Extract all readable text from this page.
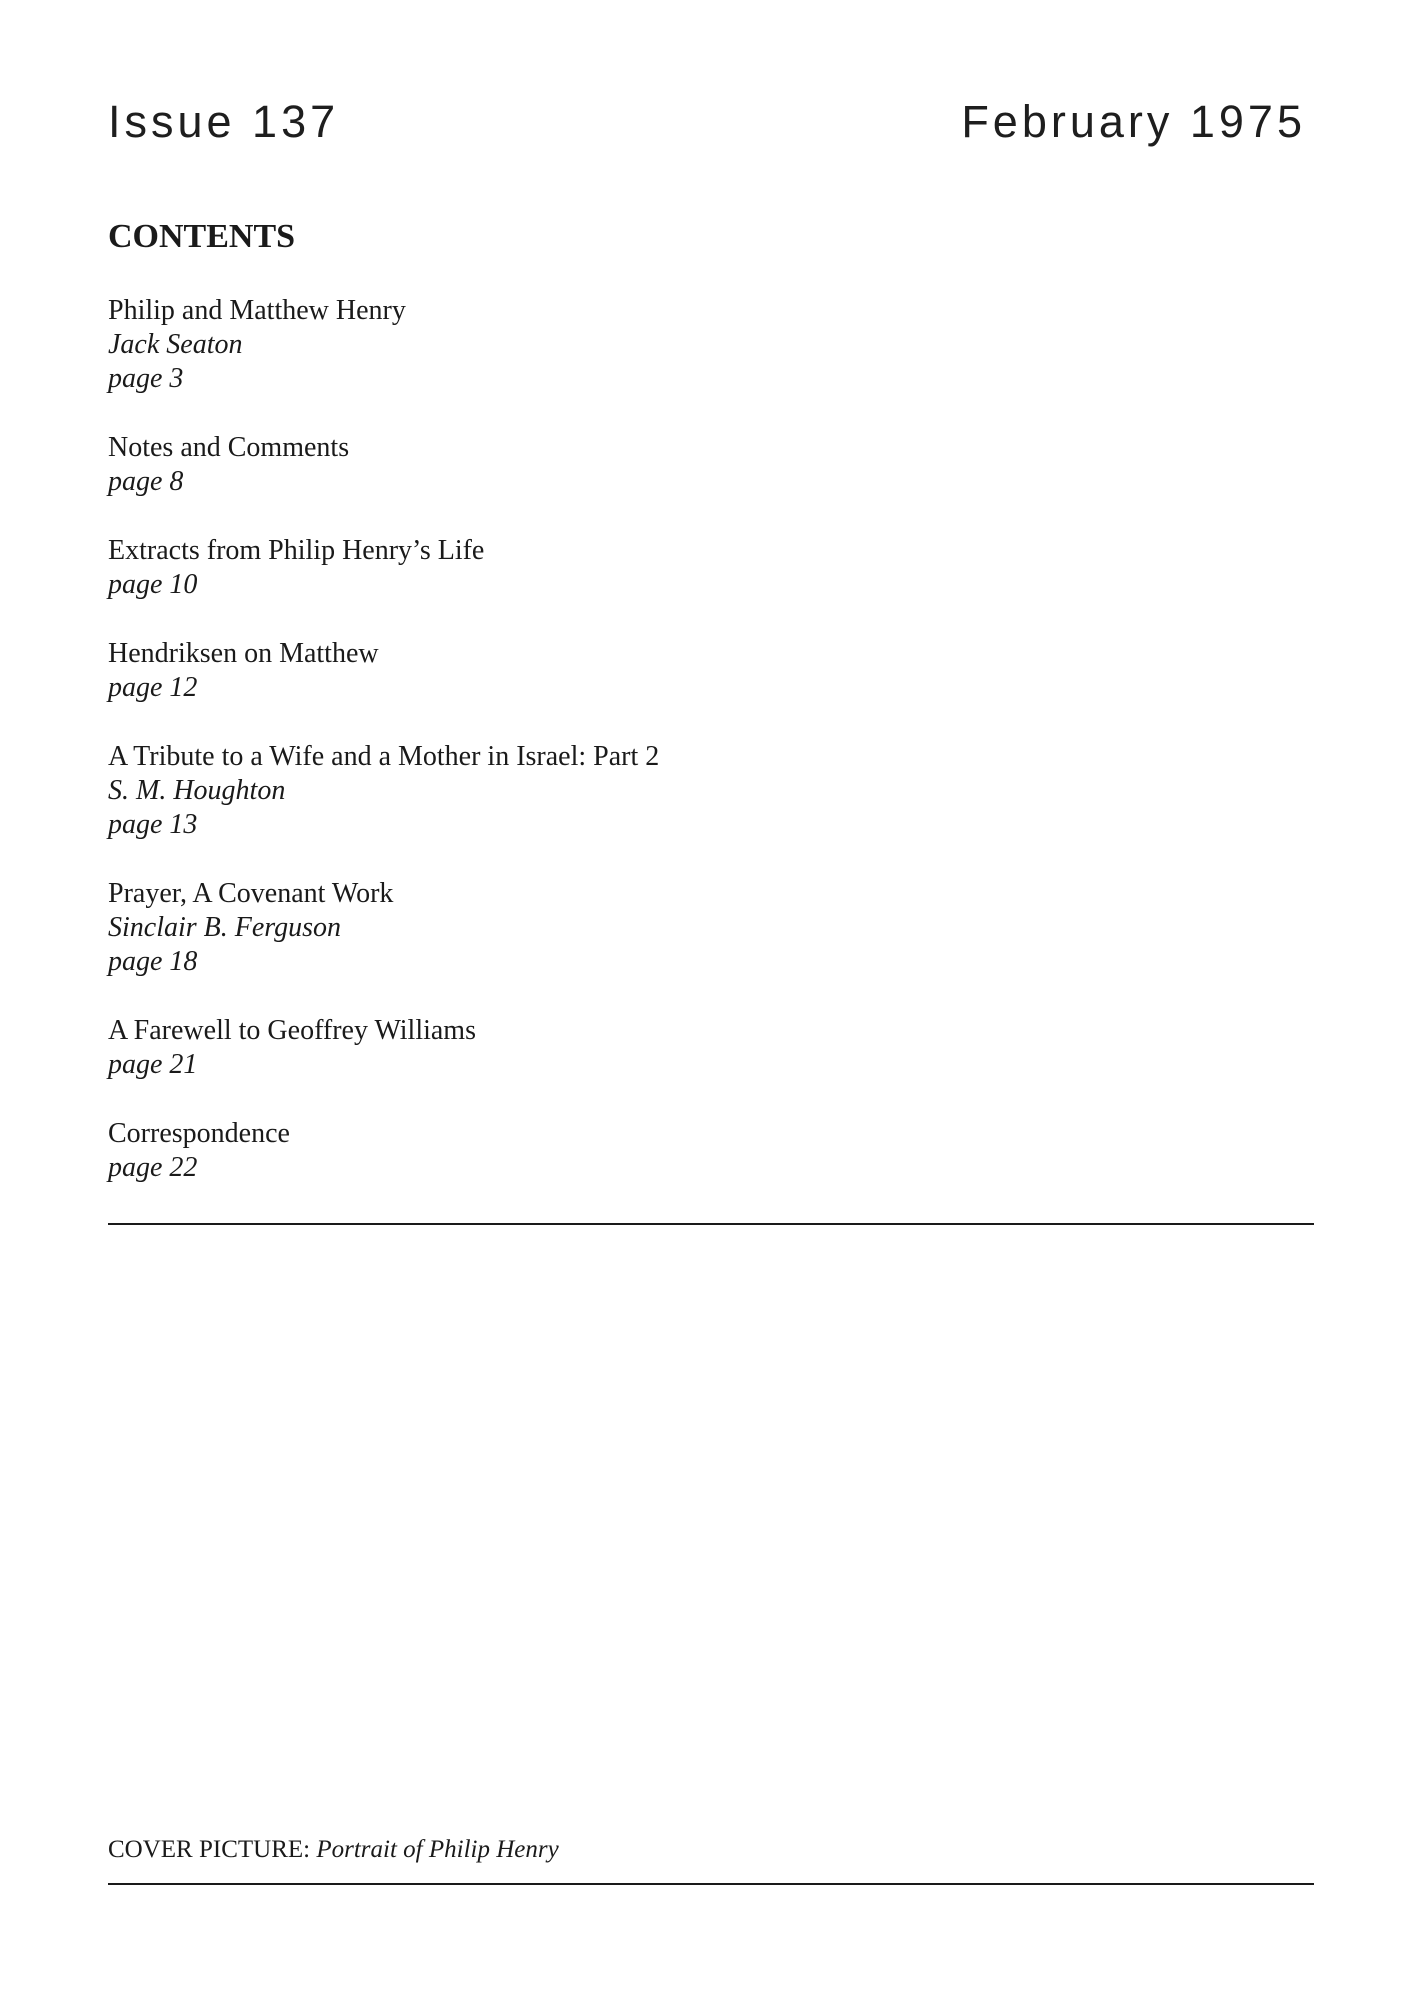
Issue 137	February 1975
CONTENTS
Philip and Matthew Henry
Jack Seaton
page 3
Notes and Comments
page 8
Extracts from Philip Henry’s Life
page 10
Hendriksen on Matthew
page 12
A Tribute to a Wife and a Mother in Israel: Part 2
S. M. Houghton
page 13
Prayer, A Covenant Work
Sinclair B. Ferguson
page 18
A Farewell to Geoffrey Williams
page 21
Correspondence
page 22
COVER PICTURE: Portrait of Philip Henry
